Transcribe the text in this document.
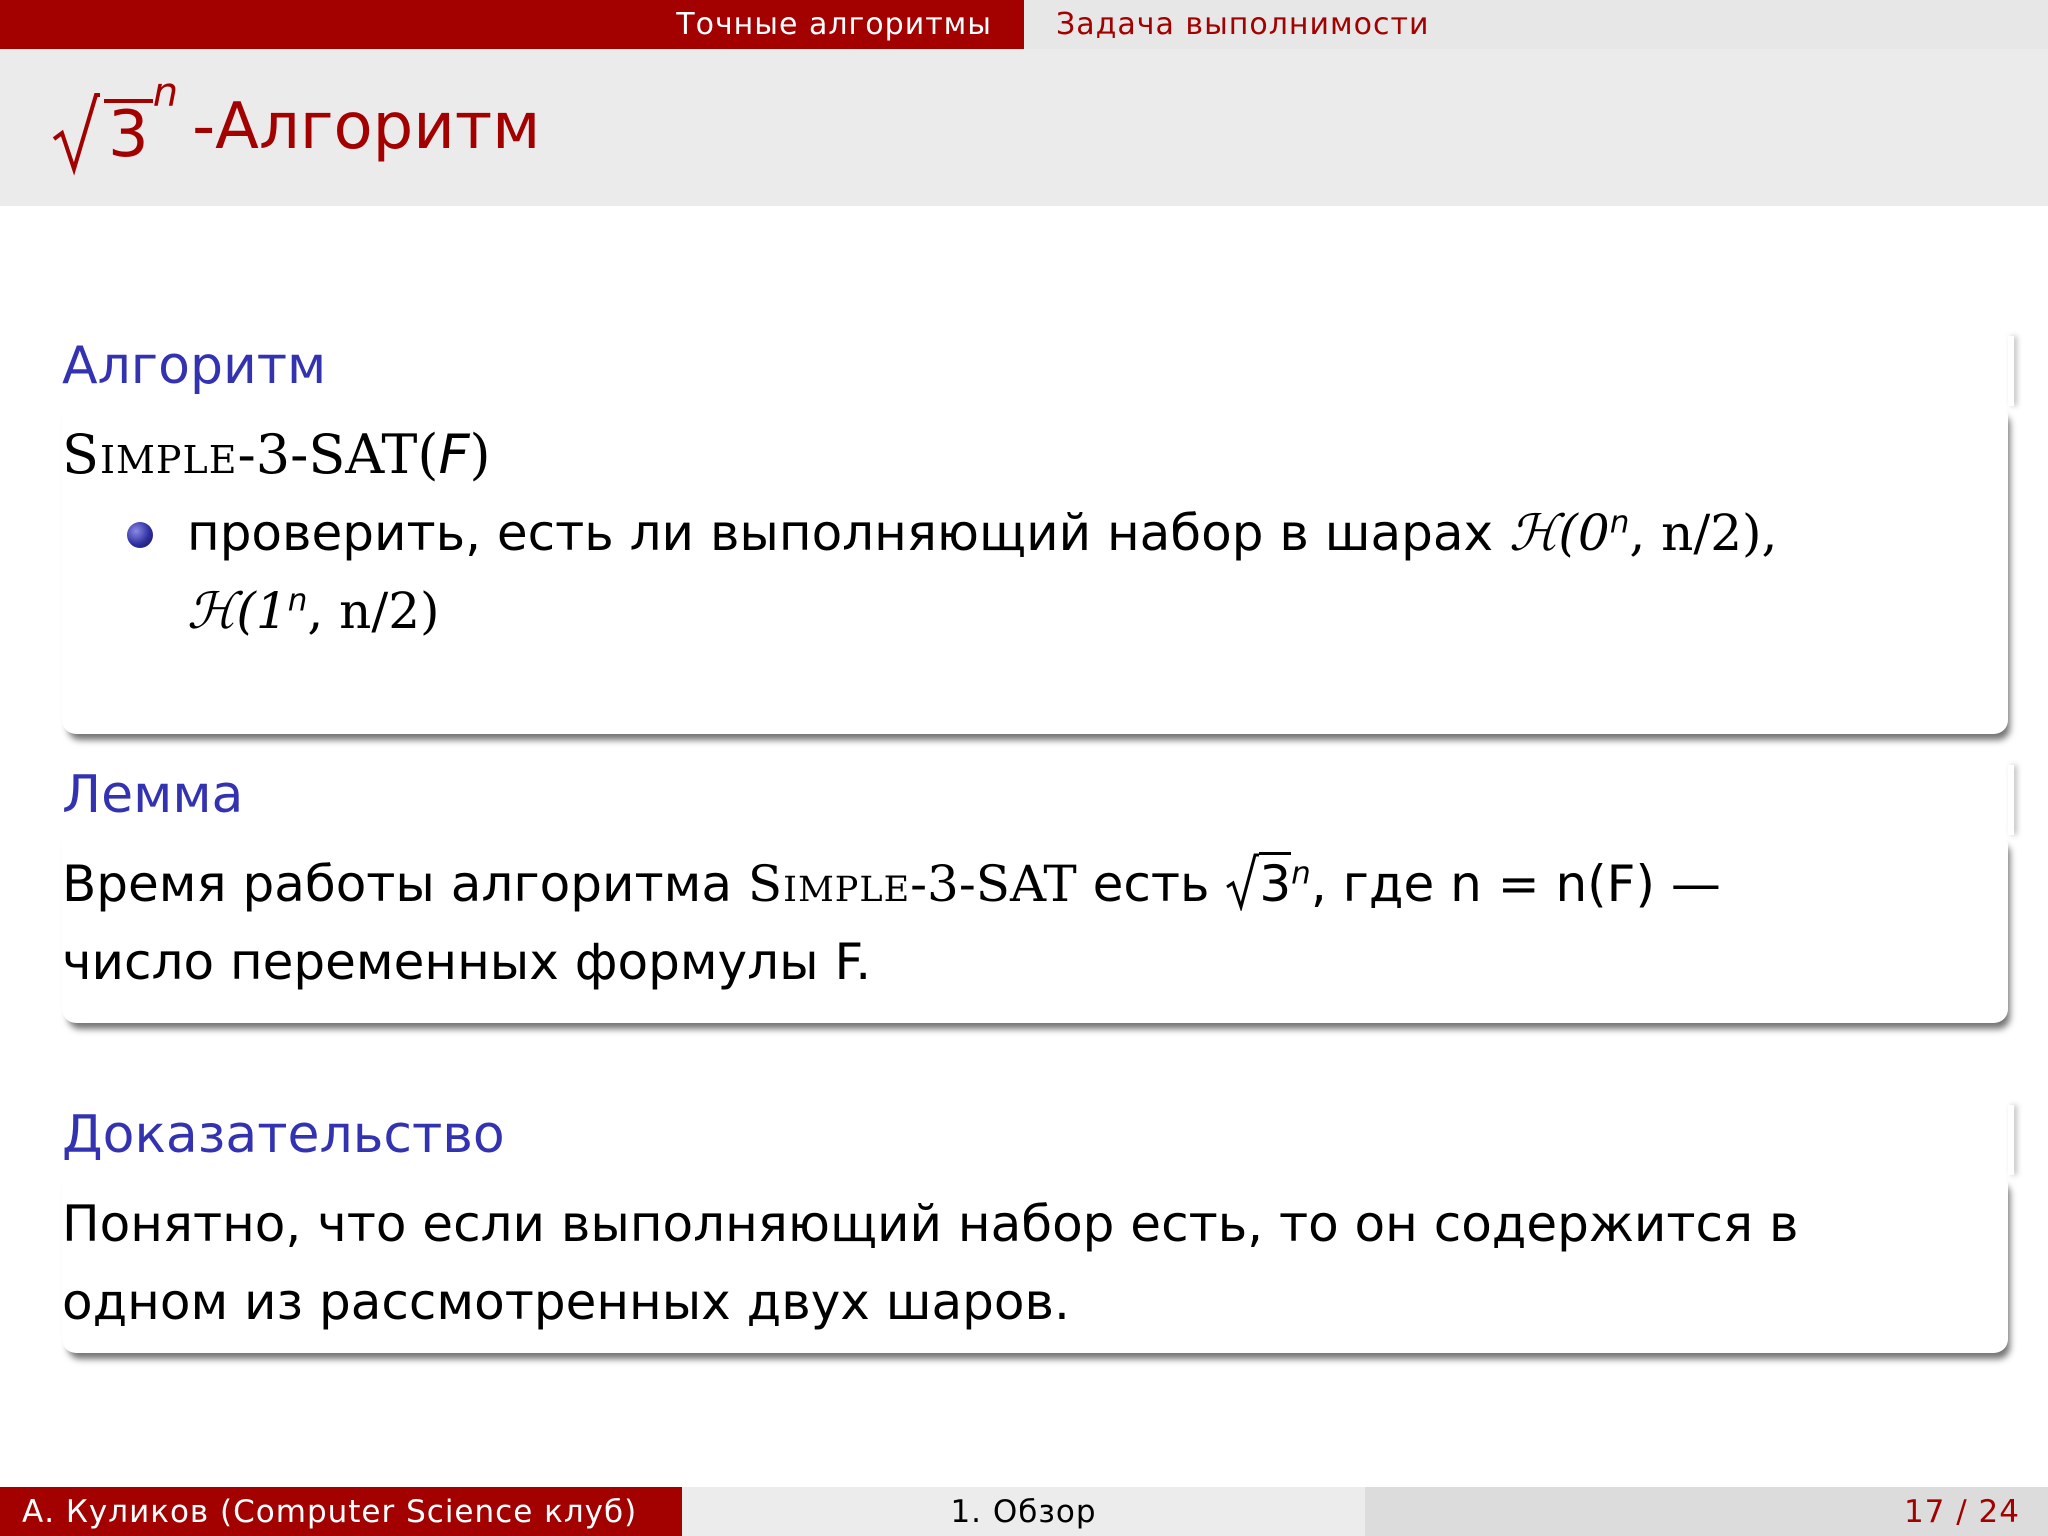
Точные алгоритмы Задача выполнимости
3
n -Алгоритм
Алгоритм
Simple-3-SAT(F)
проверить, есть ли выполняющий набор в шарах ℋ(0$^n$, n/2),
ℋ(1$^n$, n/2)
Лемма
Время работы алгоритма Simple-3-SAT есть 3$^n$, где n = n(F) —
число переменных формулы F.
Доказательство
Понятно, что если выполняющий набор есть, то он содержится в
одном из рассмотренных двух шаров.
А. Куликов (Computer Science клуб)	1. Обзор	17 / 24
